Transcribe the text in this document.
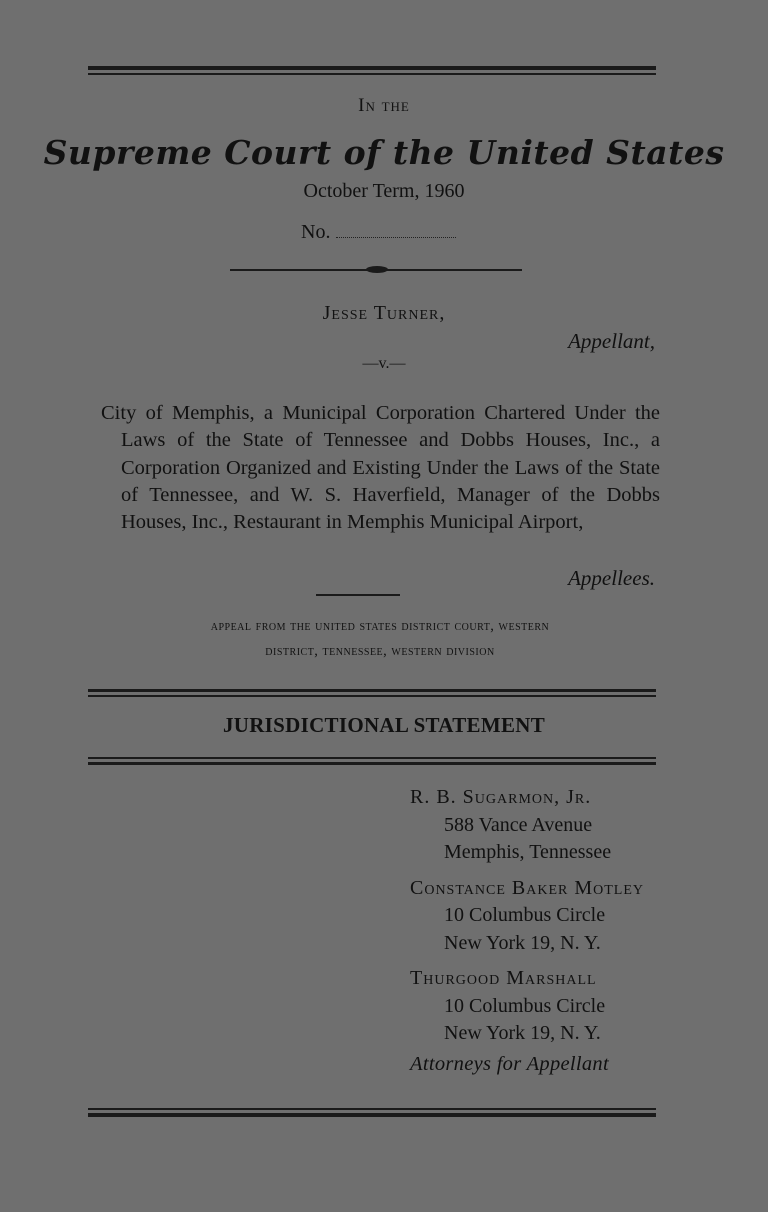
In the
Supreme Court of the United States
October Term, 1960
No.
Jesse Turner,
Appellant,
—v.—

City of Memphis, a Municipal Corporation Chartered Under the Laws of the State of Tennessee and Dobbs Houses, Inc., a Corporation Organized and Existing Under the Laws of the State of Tennessee, and W. S. Haverfield, Manager of the Dobbs Houses, Inc., Restaurant in Memphis Municipal Airport,

Appellees.
appeal from the united states district court, western
district, tennessee, western division
JURISDICTIONAL STATEMENT
R. B. Sugarmon, Jr.
588 Vance Avenue
Memphis, Tennessee
Constance Baker Motley
10 Columbus Circle
New York 19, N. Y.
Thurgood Marshall
10 Columbus Circle
New York 19, N. Y.
Attorneys for Appellant
